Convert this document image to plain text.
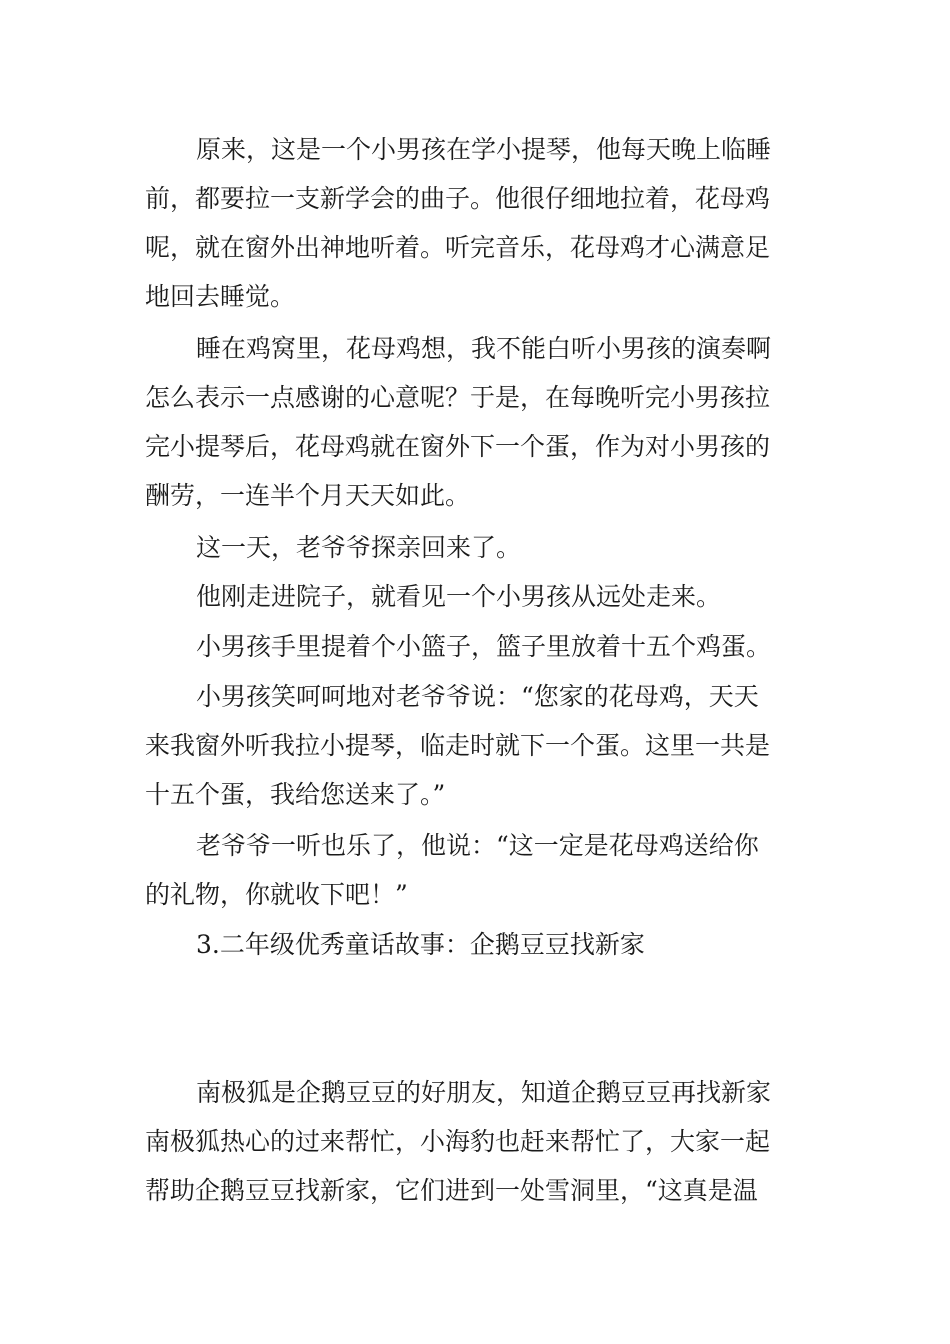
原来，这是一个小男孩在学小提琴，他每天晚上临睡
前，都要拉一支新学会的曲子。他很仔细地拉着，花母鸡
呢，就在窗外出神地听着。听完音乐，花母鸡才心满意足
地回去睡觉。
睡在鸡窝里，花母鸡想，我不能白听小男孩的演奏啊
怎么表示一点感谢的心意呢？于是，在每晚听完小男孩拉
完小提琴后，花母鸡就在窗外下一个蛋，作为对小男孩的
酬劳，一连半个月天天如此。
这一天，老爷爷探亲回来了。
他刚走进院子，就看见一个小男孩从远处走来。
小男孩手里提着个小篮子，篮子里放着十五个鸡蛋。
小男孩笑呵呵地对老爷爷说：“您家的花母鸡，天天
来我窗外听我拉小提琴，临走时就下一个蛋。这里一共是
十五个蛋，我给您送来了。”
老爷爷一听也乐了，他说：“这一定是花母鸡送给你
的礼物，你就收下吧！”
3.二年级优秀童话故事：企鹅豆豆找新家
南极狐是企鹅豆豆的好朋友，知道企鹅豆豆再找新家
南极狐热心的过来帮忙，小海豹也赶来帮忙了，大家一起
帮助企鹅豆豆找新家，它们进到一处雪洞里，“这真是温
